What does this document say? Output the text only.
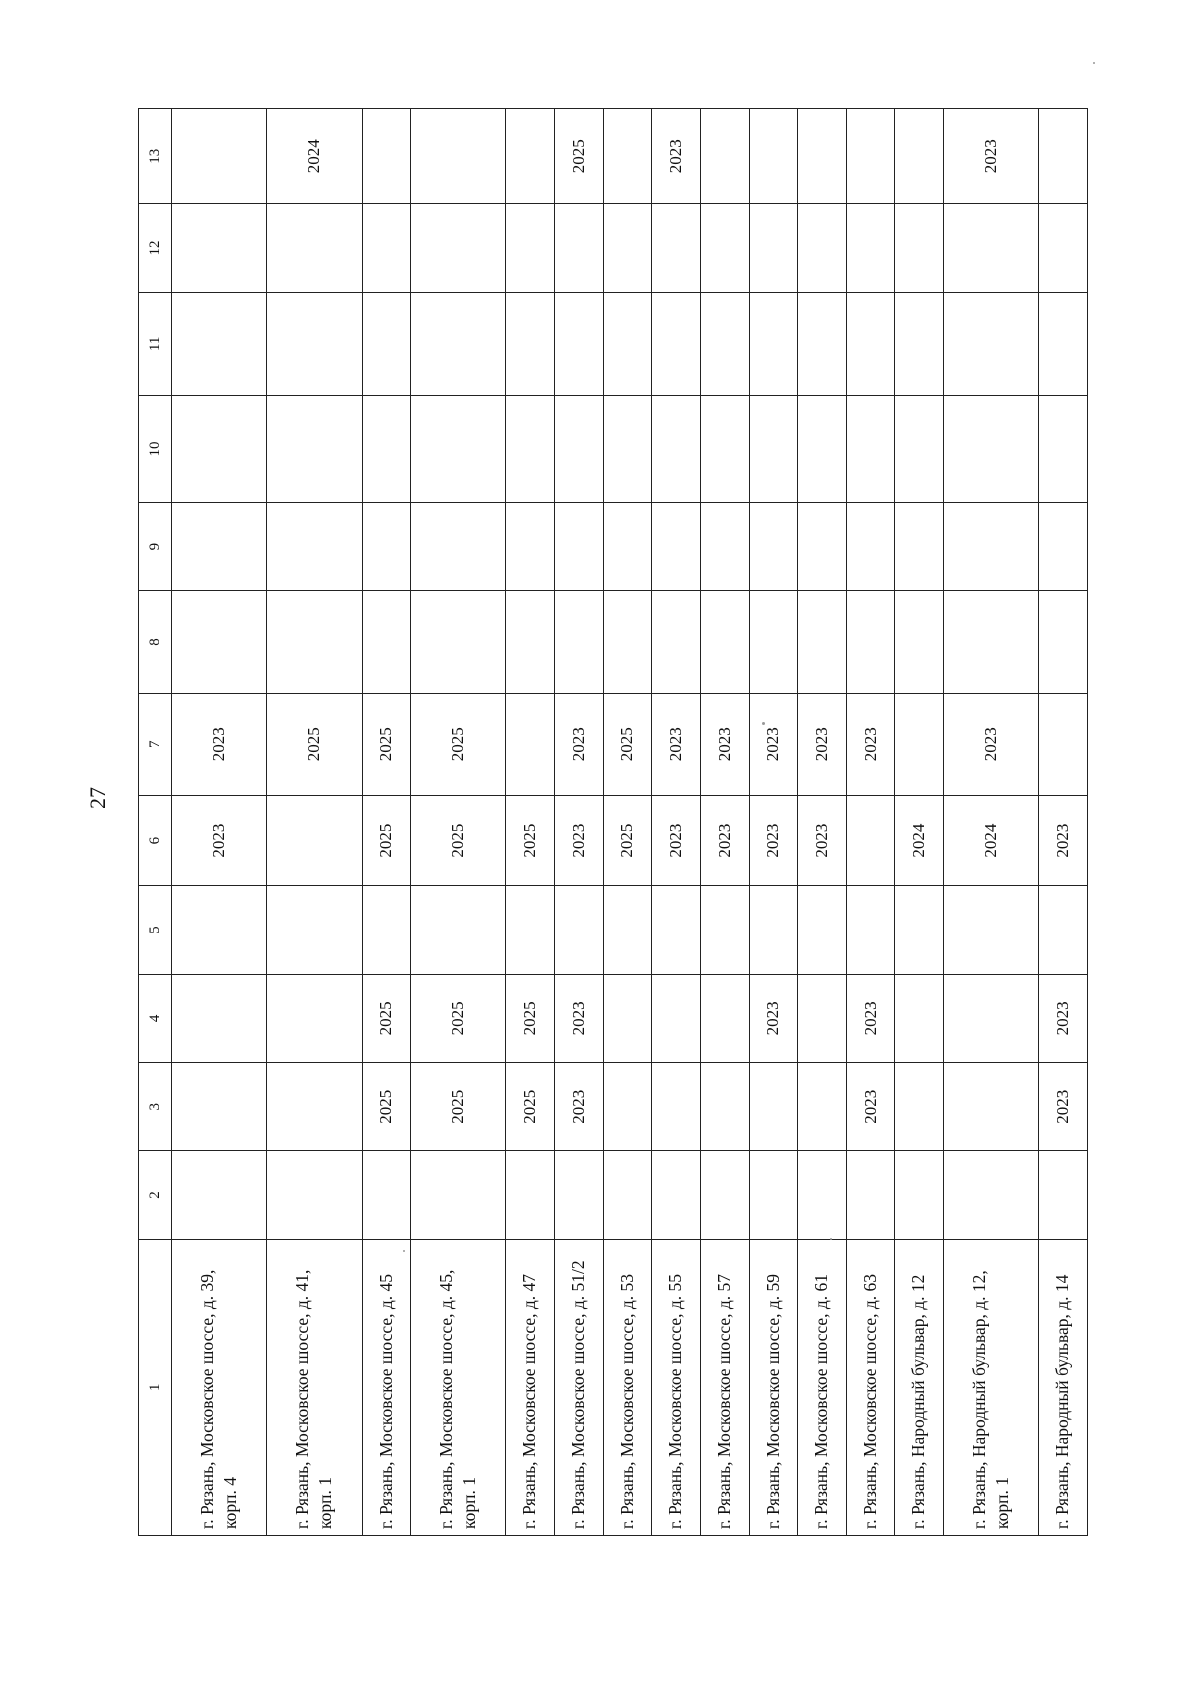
27
1	2	3	4	5	6	7	8	9	10	11	12	13
г. Рязань, Московское шоссе, д. 39, корп. 4					2023	2023						
г. Рязань, Московское шоссе, д. 41, корп. 1						2025						2024
г. Рязань, Московское шоссе, д. 45		2025	2025		2025	2025						
г. Рязань, Московское шоссе, д. 45, корп. 1		2025	2025		2025	2025						
г. Рязань, Московское шоссе, д. 47		2025	2025		2025							
г. Рязань, Московское шоссе, д. 51/2		2023	2023		2023	2023						2025
г. Рязань, Московское шоссе, д. 53					2025	2025						
г. Рязань, Московское шоссе, д. 55					2023	2023						2023
г. Рязань, Московское шоссе, д. 57					2023	2023						
г. Рязань, Московское шоссе, д. 59			2023		2023	2023						
г. Рязань, Московское шоссе, д. 61					2023	2023						
г. Рязань, Московское шоссе, д. 63		2023	2023			2023						
г. Рязань, Народный бульвар, д. 12					2024							
г. Рязань, Народный бульвар, д. 12, корп. 1					2024	2023						2023
г. Рязань, Народный бульвар, д. 14		2023	2023		2023							
